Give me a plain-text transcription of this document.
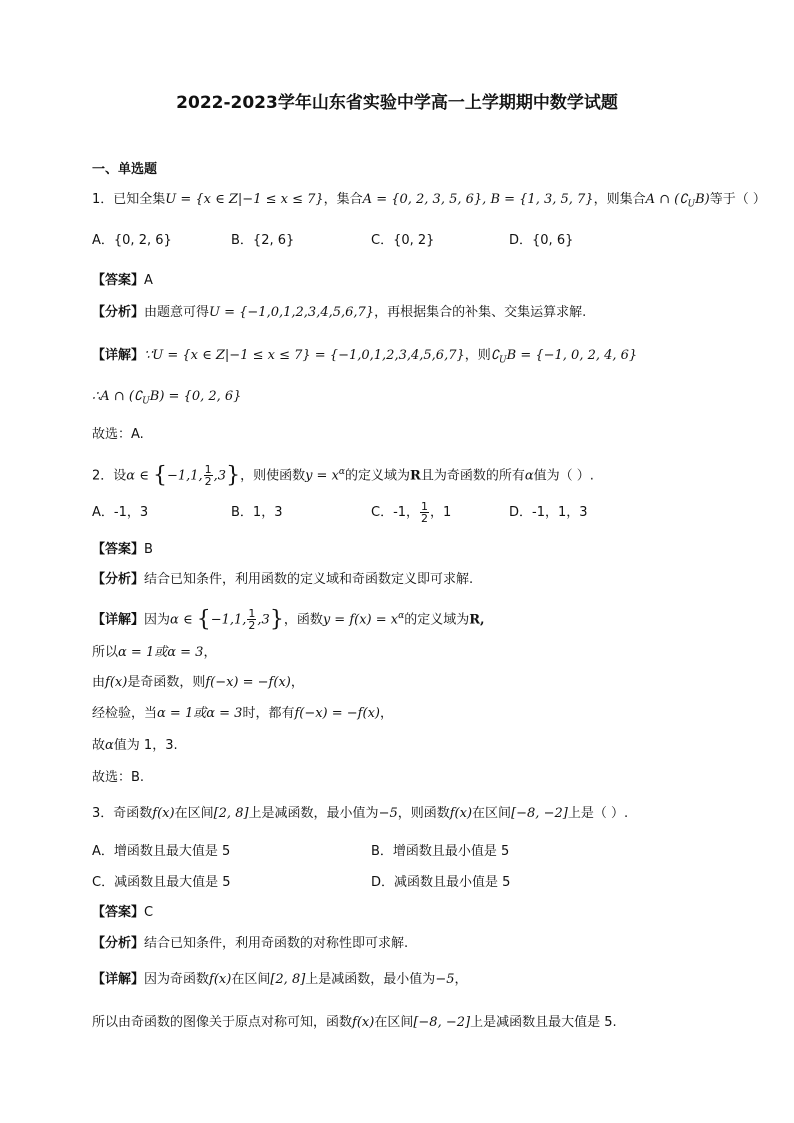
2022-2023学年山东省实验中学高一上学期期中数学试题
一、单选题
1．已知全集U = {x ∈ Z|−1 ≤ x ≤ 7}，集合A = {0, 2, 3, 5, 6}, B = {1, 3, 5, 7}，则集合A ∩ $(∁_UB)$等于（ ）
A．{0, 2, 6}	B．{2, 6}	C．{0, 2}	D．{0, 6}
【答案】A
【分析】由题意可得U = {−1,0,1,2,3,4,5,6,7}，再根据集合的补集、交集运算求解.
【详解】∵U = {x ∈ Z|−1 ≤ x ≤ 7} = {−1,0,1,2,3,4,5,6,7}，则$∁_UB = \{-1$, 0, 2, 4, 6}
∴A ∩ $(∁_UB) = \{0$, 2, 6}
故选：A.
2．设α ∈ {−1,1, $\frac{1}{2} ,3$}，则使函数$y = x^\alpha$的定义域为R且为奇函数的所有α值为（ ）.
A．-1，3	B．1，3	C．-1， $\frac{1}{2}$ ，1	D．-1，1，3
【答案】B
【分析】结合已知条件，利用函数的定义域和奇函数定义即可求解.
【详解】因为α ∈ {−1,1, $\frac{1}{2} ,3$}，函数$y = f(x) = x^\alpha$的定义域为R,
所以α = 1或α = 3，
由f(x)是奇函数，则f(−x) = −f(x)，
经检验，当α = 1或α = 3时，都有f(−x) = −f(x)，
故α值为 1，3.
故选：B.
3．奇函数f(x)在区间[2, 8]上是减函数，最小值为−5，则函数f(x)在区间[−8, −2]上是（ ）.
A．增函数且最大值是 5	B．增函数且最小值是 5
C．减函数且最大值是 5	D．减函数且最小值是 5
【答案】C
【分析】结合已知条件，利用奇函数的对称性即可求解.
【详解】因为奇函数f(x)在区间[2, 8]上是减函数，最小值为−5，
所以由奇函数的图像关于原点对称可知，函数f(x)在区间[−8, −2]上是减函数且最大值是 5.
